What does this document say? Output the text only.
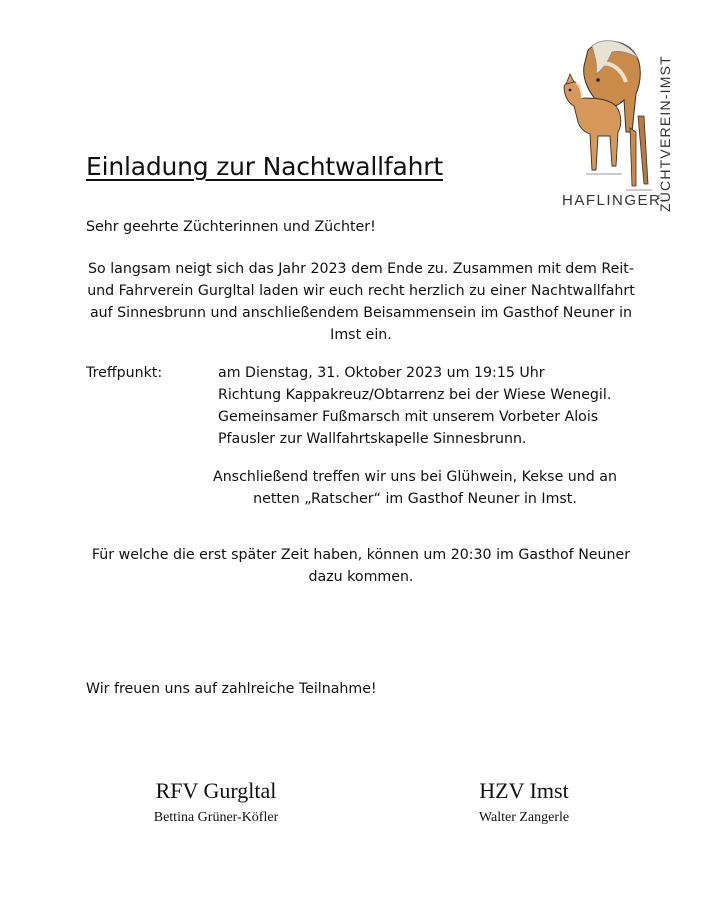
ZÜCHTVEREIN-IMST
HAFLINGER-
Einladung zur Nachtwallfahrt
Sehr geehrte Züchterinnen und Züchter!
So langsam neigt sich das Jahr 2023 dem Ende zu. Zusammen mit dem Reit-
und Fahrverein Gurgltal laden wir euch recht herzlich zu einer Nachtwallfahrt
auf Sinnesbrunn und anschließendem Beisammensein im Gasthof Neuner in
Imst ein.
Treffpunkt:	am Dienstag, 31. Oktober 2023 um 19:15 Uhr
Richtung Kappakreuz/Obtarrenz bei der Wiese Wenegil.
Gemeinsamer Fußmarsch mit unserem Vorbeter Alois
Pfausler zur Wallfahrtskapelle Sinnesbrunn.
Anschließend treffen wir uns bei Glühwein, Kekse und an
netten „Ratscher“ im Gasthof Neuner in Imst.
Für welche die erst später Zeit haben, können um 20:30 im Gasthof Neuner
dazu kommen.
Wir freuen uns auf zahlreiche Teilnahme!
RFV Gurgltal
Bettina Grüner-Köfler
HZV Imst
Walter Zangerle
